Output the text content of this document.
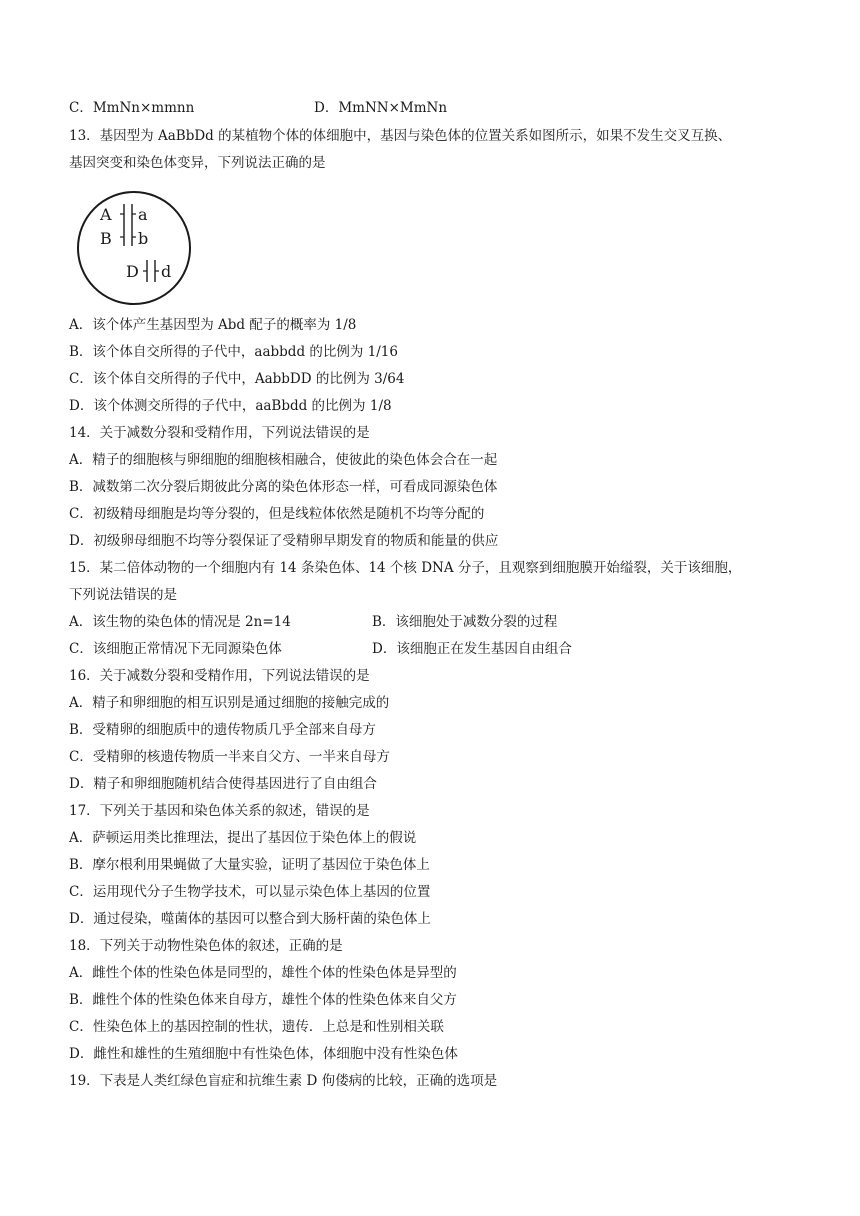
C．MmNn×mmnn	D．MmNN×MmNn
13．基因型为 AaBbDd 的某植物个体的体细胞中，基因与染色体的位置关系如图所示，如果不发生交叉互换、
基因突变和染色体变异，下列说法正确的是
A a
B b
D d
A．该个体产生基因型为 Abd 配子的概率为 1/8
B．该个体自交所得的子代中，aabbdd 的比例为 1/16
C．该个体自交所得的子代中，AabbDD 的比例为 3/64
D．该个体测交所得的子代中，aaBbdd 的比例为 1/8
14．关于减数分裂和受精作用，下列说法错误的是
A．精子的细胞核与卵细胞的细胞核相融合，使彼此的染色体会合在一起
B．减数第二次分裂后期彼此分离的染色体形态一样，可看成同源染色体
C．初级精母细胞是均等分裂的，但是线粒体依然是随机不均等分配的
D．初级卵母细胞不均等分裂保证了受精卵早期发育的物质和能量的供应
15．某二倍体动物的一个细胞内有 14 条染色体、14 个核 DNA 分子，且观察到细胞膜开始缢裂，关于该细胞，
下列说法错误的是
A．该生物的染色体的情况是 2n=14	B．该细胞处于减数分裂的过程
C．该细胞正常情况下无同源染色体	D．该细胞正在发生基因自由组合
16．关于减数分裂和受精作用，下列说法错误的是
A．精子和卵细胞的相互识别是通过细胞的接触完成的
B．受精卵的细胞质中的遗传物质几乎全部来自母方
C．受精卵的核遗传物质一半来自父方、一半来自母方
D．精子和卵细胞随机结合使得基因进行了自由组合
17．下列关于基因和染色体关系的叙述，错误的是
A．萨顿运用类比推理法，提出了基因位于染色体上的假说
B．摩尔根利用果蝇做了大量实验，证明了基因位于染色体上
C．运用现代分子生物学技术，可以显示染色体上基因的位置
D．通过侵染，噬菌体的基因可以整合到大肠杆菌的染色体上
18．下列关于动物性染色体的叙述，正确的是
A．雌性个体的性染色体是同型的，雄性个体的性染色体是异型的
B．雌性个体的性染色体来自母方，雄性个体的性染色体来自父方
C．性染色体上的基因控制的性状，遗传．上总是和性别相关联
D．雌性和雄性的生殖细胞中有性染色体，体细胞中没有性染色体
19．下表是人类红绿色盲症和抗维生素 D 佝偻病的比较，正确的选项是
